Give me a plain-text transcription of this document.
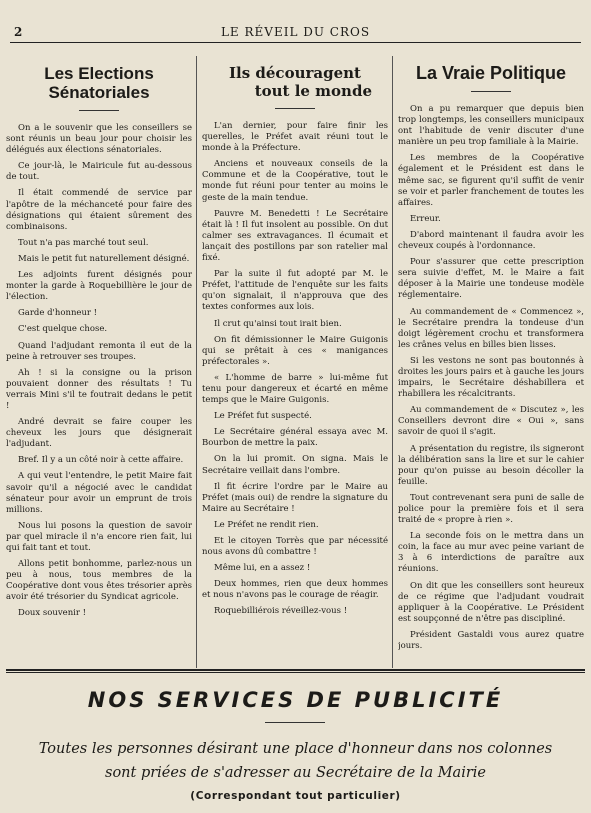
2	LE RÉVEIL DU CROS
Les Elections Sénatoriales

On a le souvenir que les conseillers se sont réunis un beau jour pour choisir les délégués aux élections sénatoriales.

Ce jour-là, le Mairicule fut au-dessous de tout.

Il était commendé de service par l'apôtre de la méchanceté pour faire des désignations qui étaient sûrement des combinaisons.

Tout n'a pas marché tout seul.

Mais le petit fut naturellement désigné.

Les adjoints furent désignés pour monter la garde à Roquebillière le jour de l'élection.

Garde d'honneur !

C'est quelque chose.

Quand l'adjudant remonta il eut de la peine à retrouver ses troupes.

Ah ! si la consigne ou la prison pouvaient donner des résultats ! Tu verrais Mini s'il te foutrait dedans le petit !

André devrait se faire couper les cheveux les jours que désignerait l'adjudant.

Bref. Il y a un côté noir à cette affaire.

A qui veut l'entendre, le petit Maire fait savoir qu'il a négocié avec le candidat sénateur pour avoir un emprunt de trois millions.

Nous lui posons la question de savoir par quel miracle il n'a encore rien fait, lui qui fait tant et tout.

Allons petit bonhomme, parlez-nous un peu à nous, tous membres de la Coopérative dont vous êtes trésorier après avoir été trésorier du Syndicat agricole.

Doux souvenir !

Ils découragent
tout le monde

L'an dernier, pour faire finir les querelles, le Préfet avait réuni tout le monde à la Préfecture.

Anciens et nouveaux conseils de la Commune et de la Coopérative, tout le monde fut réuni pour tenter au moins le geste de la main tendue.

Pauvre M. Benedetti ! Le Secrétaire était là ! Il fut insolent au possible. On dut calmer ses extravagances. Il écumait et lançait des postillons par son ratelier mal fixé.

Par la suite il fut adopté par M. le Préfet, l'attitude de l'enquête sur les faits qu'on signalait, il n'approuva que des textes conformes aux lois.

Il crut qu'ainsi tout irait bien.

On fit démissionner le Maire Guigonis qui se prêtait à ces « manigances préfectorales ».

« L'homme de barre » lui-même fut tenu pour dangereux et écarté en même temps que le Maire Guigonis.

Le Préfet fut suspecté.

Le Secrétaire général essaya avec M. Bourbon de mettre la paix.

On la lui promit. On signa. Mais le Secrétaire veillait dans l'ombre.

Il fit écrire l'ordre par le Maire au Préfet (mais oui) de rendre la signature du Maire au Secrétaire !

Le Préfet ne rendit rien.

Et le citoyen Torrès que par nécessité nous avons dû combattre !

Même lui, en a assez !

Deux hommes, rien que deux hommes et nous n'avons pas le courage de réagir.

Roquebilliérois réveillez-vous !

La Vraie Politique

On a pu remarquer que depuis bien trop longtemps, les conseillers municipaux ont l'habitude de venir discuter d'une manière un peu trop familiale à la Mairie.

Les membres de la Coopérative également et le Président est dans le même sac, se figurent qu'il suffit de venir se voir et parler franchement de toutes les affaires.

Erreur.

D'abord maintenant il faudra avoir les cheveux coupés à l'ordonnance.

Pour s'assurer que cette prescription sera suivie d'effet, M. le Maire a fait déposer à la Mairie une tondeuse modèle réglementaire.

Au commandement de « Commencez », le Secrétaire prendra la tondeuse d'un doigt légèrement crochu et transformera les crânes velus en billes bien lisses.

Si les vestons ne sont pas boutonnés à droites les jours pairs et à gauche les jours impairs, le Secrétaire déshabillera et rhabillera les récalcitrants.

Au commandement de « Discutez », les Conseillers devront dire « Oui », sans savoir de quoi il s'agit.

A présentation du registre, ils signeront la délibération sans la lire et sur le cahier pour qu'on puisse au besoin décoller la feuille.

Tout contrevenant sera puni de salle de police pour la première fois et il sera traité de « propre à rien ».

La seconde fois on le mettra dans un coin, la face au mur avec peine variant de 3 à 6 interdictions de paraître aux réunions.

On dit que les conseillers sont heureux de ce régime que l'adjudant voudrait appliquer à la Coopérative. Le Président est soupçonné de n'être pas discipliné.

Président Gastaldi vous aurez quatre jours.

NOS SERVICES DE PUBLICITÉ
Toutes les personnes désirant une place d'honneur dans nos colonnes
sont priées de s'adresser au Secrétaire de la Mairie
(Correspondant tout particulier)
